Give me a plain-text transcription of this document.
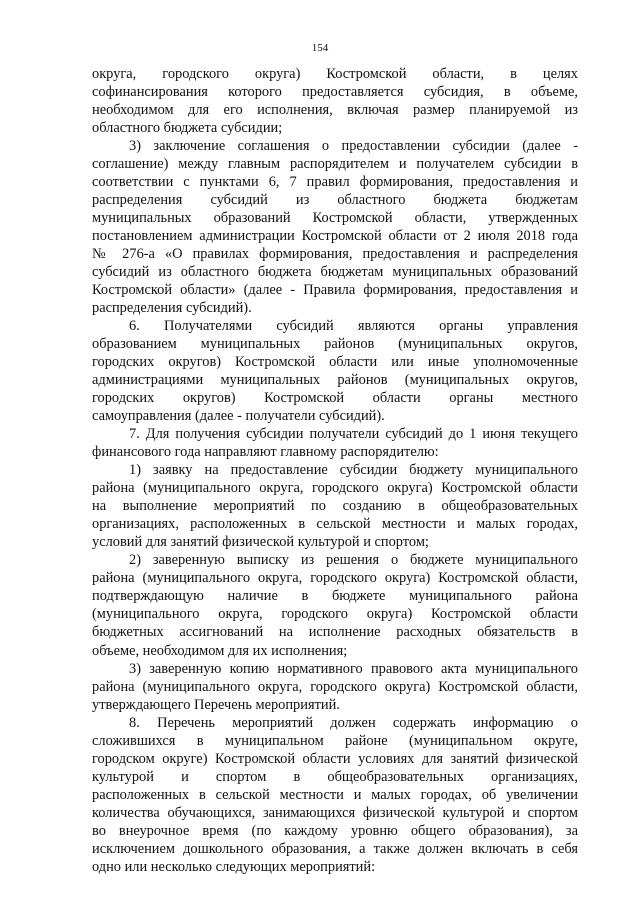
154
округа, городского округа) Костромской области, в целях
софинансирования которого предоставляется субсидия, в объеме,
необходимом для его исполнения, включая размер планируемой из
областного бюджета субсидии;
3) заключение соглашения о предоставлении субсидии (далее -
соглашение) между главным распорядителем и получателем субсидии в
соответствии с пунктами 6, 7 правил формирования, предоставления и
распределения субсидий из областного бюджета бюджетам
муниципальных образований Костромской области, утвержденных
постановлением администрации Костромской области от 2 июля 2018 года
№ 276-а «О правилах формирования, предоставления и распределения
субсидий из областного бюджета бюджетам муниципальных образований
Костромской области» (далее - Правила формирования, предоставления и
распределения субсидий).
6. Получателями субсидий являются органы управления
образованием муниципальных районов (муниципальных округов,
городских округов) Костромской области или иные уполномоченные
администрациями муниципальных районов (муниципальных округов,
городских округов) Костромской области органы местного
самоуправления (далее - получатели субсидий).
7. Для получения субсидии получатели субсидий до 1 июня текущего
финансового года направляют главному распорядителю:
1) заявку на предоставление субсидии бюджету муниципального
района (муниципального округа, городского округа) Костромской области
на выполнение мероприятий по созданию в общеобразовательных
организациях, расположенных в сельской местности и малых городах,
условий для занятий физической культурой и спортом;
2) заверенную выписку из решения о бюджете муниципального
района (муниципального округа, городского округа) Костромской области,
подтверждающую наличие в бюджете муниципального района
(муниципального округа, городского округа) Костромской области
бюджетных ассигнований на исполнение расходных обязательств в
объеме, необходимом для их исполнения;
3) заверенную копию нормативного правового акта муниципального
района (муниципального округа, городского округа) Костромской области,
утверждающего Перечень мероприятий.
8. Перечень мероприятий должен содержать информацию о
сложившихся в муниципальном районе (муниципальном округе,
городском округе) Костромской области условиях для занятий физической
культурой и спортом в общеобразовательных организациях,
расположенных в сельской местности и малых городах, об увеличении
количества обучающихся, занимающихся физической культурой и спортом
во внеурочное время (по каждому уровню общего образования), за
исключением дошкольного образования, а также должен включать в себя
одно или несколько следующих мероприятий:
